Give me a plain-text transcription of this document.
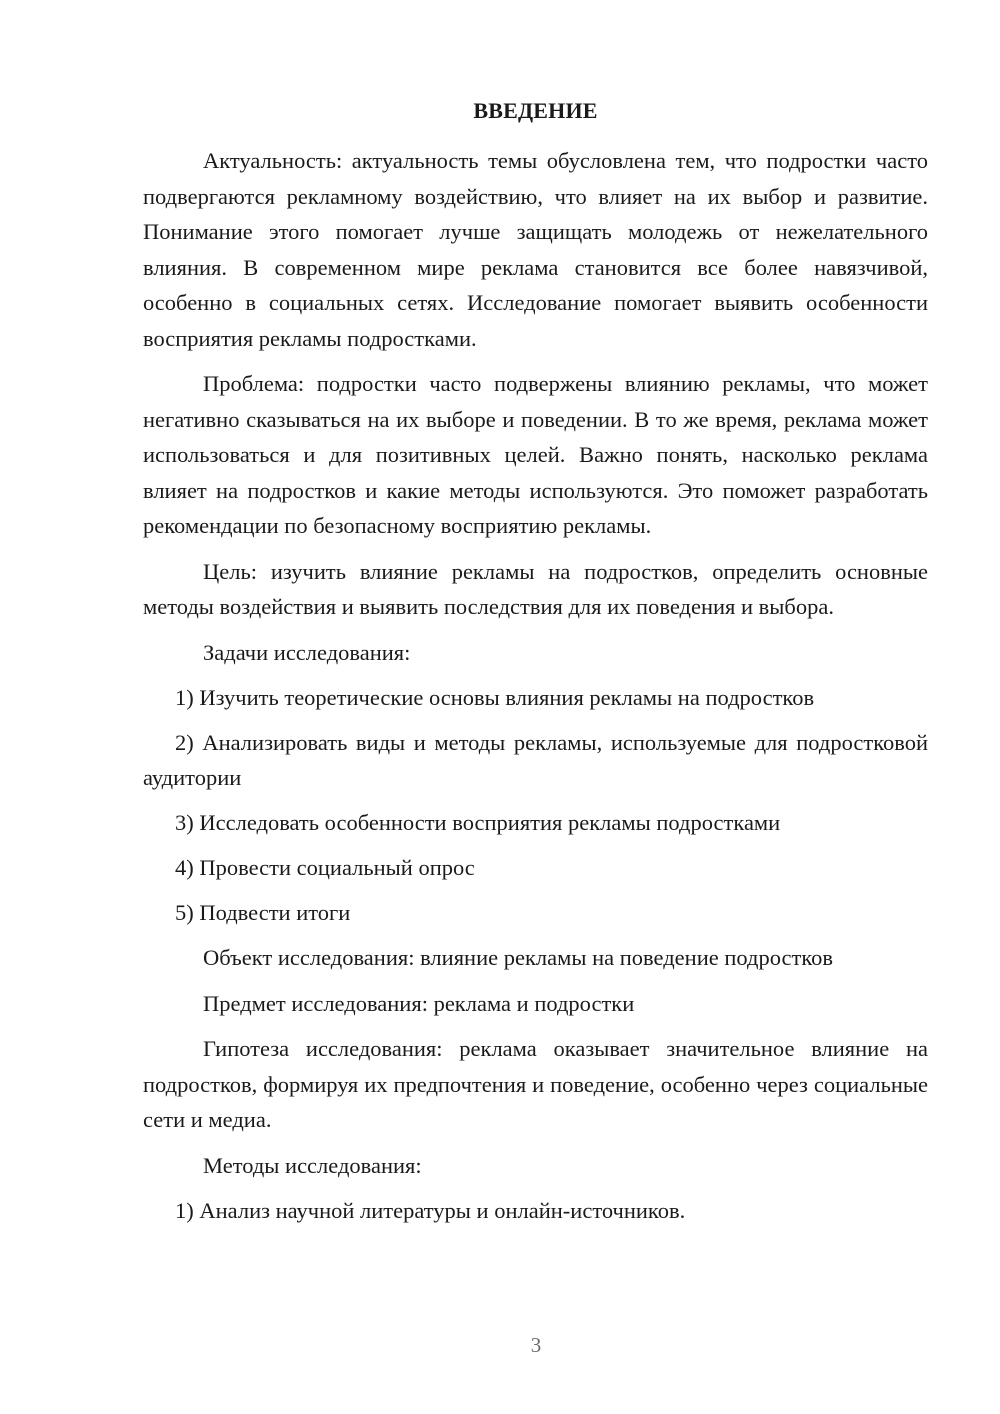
ВВЕДЕНИЕ

Актуальность: актуальность темы обусловлена тем, что подростки часто подвергаются рекламному воздействию, что влияет на их выбор и развитие. Понимание этого помогает лучше защищать молодежь от нежелательного влияния. В современном мире реклама становится все более навязчивой, особенно в социальных сетях. Исследование помогает выявить особенности восприятия рекламы подростками.

Проблема: подростки часто подвержены влиянию рекламы, что может негативно сказываться на их выборе и поведении. В то же время, реклама может использоваться и для позитивных целей. Важно понять, насколько реклама влияет на подростков и какие методы используются. Это поможет разработать рекомендации по безопасному восприятию рекламы.

Цель: изучить влияние рекламы на подростков, определить основные методы воздействия и выявить последствия для их поведения и выбора.

Задачи исследования:

1) Изучить теоретические основы влияния рекламы на подростков

2) Анализировать виды и методы рекламы, используемые для подростковой аудитории

3) Исследовать особенности восприятия рекламы подростками

4) Провести социальный опрос

5) Подвести итоги

Объект исследования: влияние рекламы на поведение подростков

Предмет исследования: реклама и подростки

Гипотеза исследования: реклама оказывает значительное влияние на подростков, формируя их предпочтения и поведение, особенно через социальные сети и медиа.

Методы исследования:

1) Анализ научной литературы и онлайн-источников.

3
